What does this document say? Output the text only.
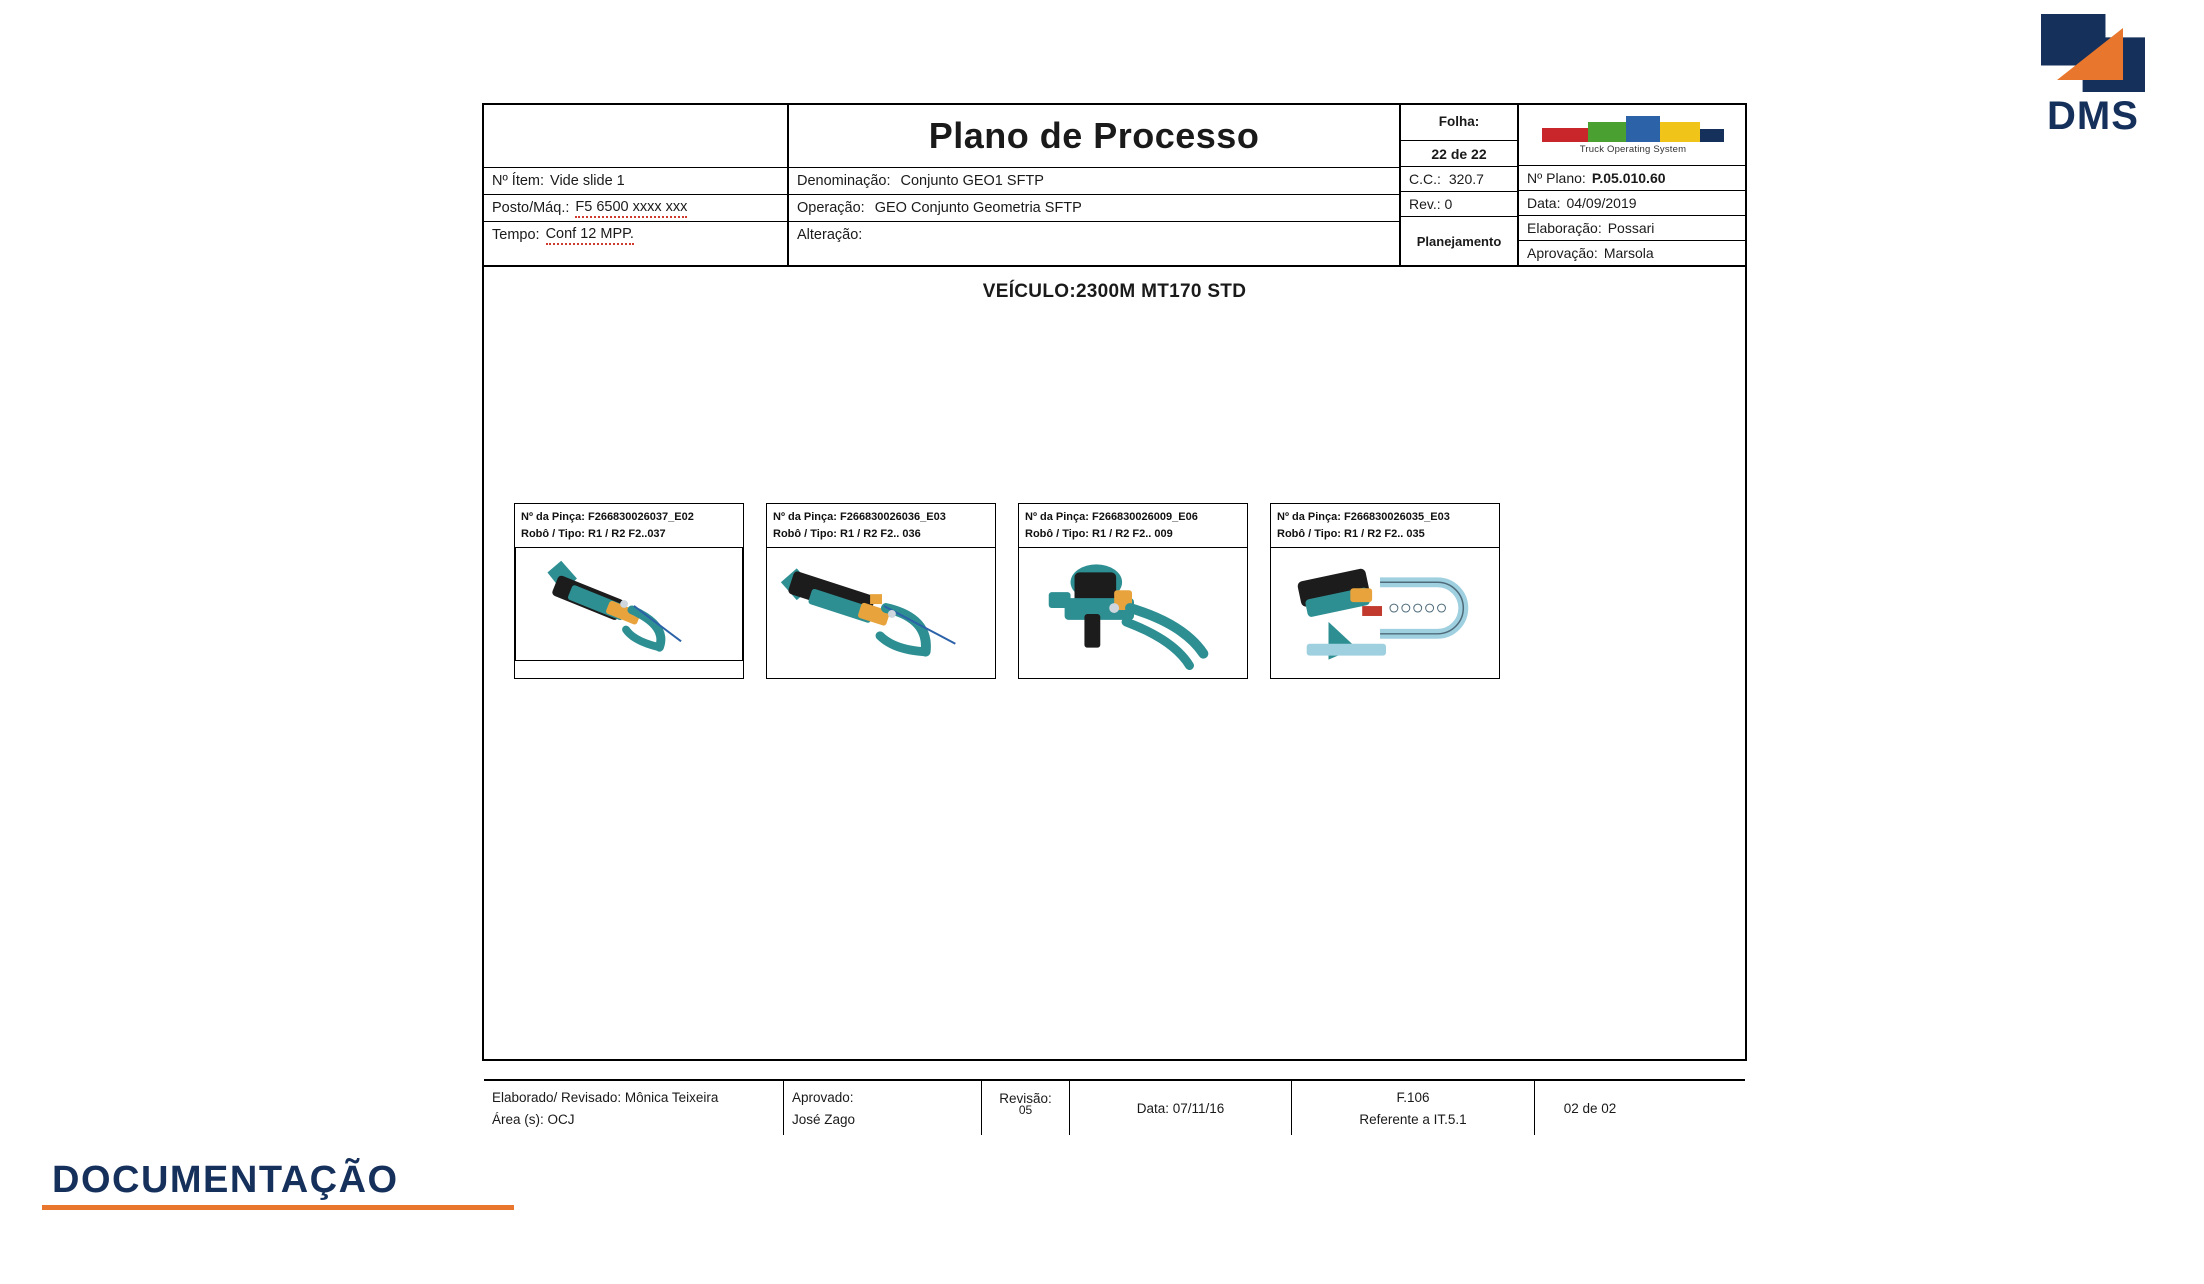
DMS
Nº Ítem: Vide slide 1
Posto/Máq.: F5 6500 xxxx xxx
Tempo: Conf 12 MPP.
Plano de Processo
Denominação: Conjunto GEO1 SFTP
Operação: GEO Conjunto Geometria SFTP
Alteração:
Folha:
22 de 22
C.C.: 320.7
Rev.: 0
Planejamento
Truck Operating System
Nº Plano: P.05.010.60
Data: 04/09/2019
Elaboração: Possari
Aprovação: Marsola
VEÍCULO:2300M MT170 STD
Nº da Pinça: F266830026037_E02
Robô / Tipo: R1 / R2 F2..037
Nº da Pinça: F266830026036_E03
Robô / Tipo: R1 / R2 F2.. 036
Nº da Pinça: F266830026009_E06
Robô / Tipo: R1 / R2 F2.. 009
Nº da Pinça: F266830026035_E03
Robô / Tipo: R1 / R2 F2.. 035
Elaborado/ Revisado: Mônica Teixeira
Área (s): OCJ
Aprovado:
José Zago
Revisão:
05	Data: 07/11/16
F.106
Referente a IT.5.1
02 de 02
DOCUMENTAÇÃO
